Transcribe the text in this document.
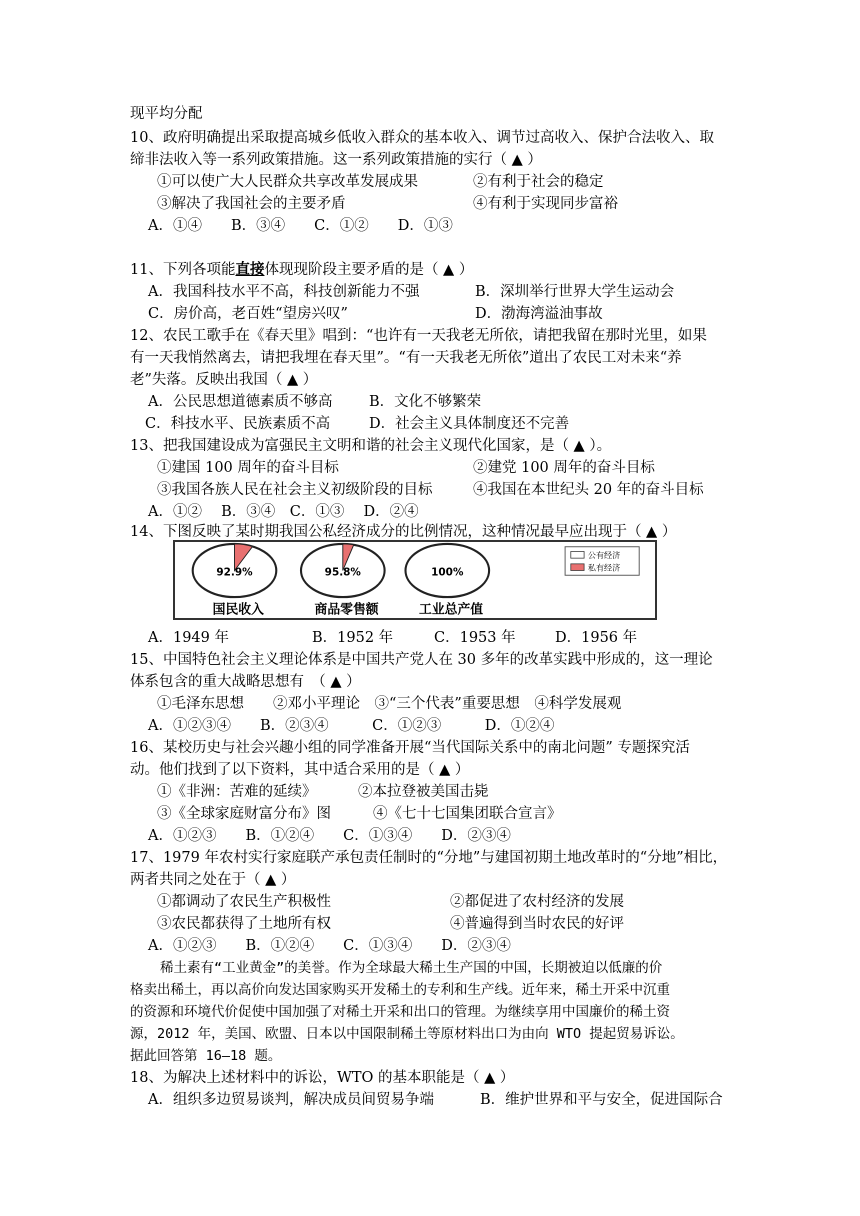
现平均分配
10、政府明确提出采取提高城乡低收入群众的基本收入、调节过高收入、保护合法收入、取
缔非法收入等一系列政策措施。这一系列政策措施的实行（ ▲ ）
①可以使广大人民群众共享改革发展成果	②有利于社会的稳定
③解决了我国社会的主要矛盾	④有利于实现同步富裕
A．①④　　B．③④　　C．①②　　D．①③
11、下列各项能直接体现现阶段主要矛盾的是（ ▲ ）
A．我国科技水平不高，科技创新能力不强	B．深圳举行世界大学生运动会
C．房价高，老百姓“望房兴叹”	D．渤海湾溢油事故
12、农民工歌手在《春天里》唱到：“也许有一天我老无所依，请把我留在那时光里，如果
有一天我悄然离去，请把我埋在春天里”。“有一天我老无所依”道出了农民工对未来“养
老”失落。反映出我国（ ▲ ）
A．公民思想道德素质不够高	B．文化不够繁荣
C．科技水平、民族素质不高	D．社会主义具体制度还不完善
13、把我国建设成为富强民主文明和谐的社会主义现代化国家，是（ ▲ ）。
①建国 100 周年的奋斗目标	②建党 100 周年的奋斗目标
③我国各族人民在社会主义初级阶段的目标	④我国在本世纪头 20 年的奋斗目标
A．①②　 B．③④　C．①③　 D．②④
14、下图反映了某时期我国公私经济成分的比例情况，这种情况最早应出现于（ ▲ ）
92.9%
国民收入
95.8%
商品零售额
100%
工业总产值
公有经济
私有经济
A．1949 年	B．1952 年	C．1953 年	D．1956 年
15、中国特色社会主义理论体系是中国共产党人在 30 多年的改革实践中形成的，这一理论
体系包含的重大战略思想有　（ ▲ ）
①毛泽东思想　　②邓小平理论　③“三个代表”重要思想　④科学发展观
A．①②③④　　B．②③④　　　C．①②③　　　D．①②④
16、某校历史与社会兴趣小组的同学准备开展“当代国际关系中的南北问题” 专题探究活
动。他们找到了以下资料，其中适合采用的是（ ▲ ）
①《非洲：苦难的延续》	②本拉登被美国击毙
③《全球家庭财富分布》图	④《七十七国集团联合宣言》
A．①②③　　B．①②④　　C．①③④　　D．②③④
17、1979 年农村实行家庭联产承包责任制时的“分地”与建国初期土地改革时的“分地”相比，
两者共同之处在于（ ▲ ）
①都调动了农民生产积极性	②都促进了农村经济的发展
③农民都获得了土地所有权	④普遍得到当时农民的好评
A．①②③　　B．①②④　　C．①③④　　D．②③④
稀土素有“工业黄金”的美誉。作为全球最大稀土生产国的中国，长期被迫以低廉的价
格卖出稀土，再以高价向发达国家购买开发稀土的专利和生产线。近年来，稀土开采中沉重
的资源和环境代价促使中国加强了对稀土开采和出口的管理。为继续享用中国廉价的稀土资
源，2012 年，美国、欧盟、日本以中国限制稀土等原材料出口为由向 WTO 提起贸易诉讼。
据此回答第 16—18 题。
18、为解决上述材料中的诉讼，WTO 的基本职能是（ ▲ ）
A．组织多边贸易谈判，解决成员间贸易争端	B．维护世界和平与安全，促进国际合
